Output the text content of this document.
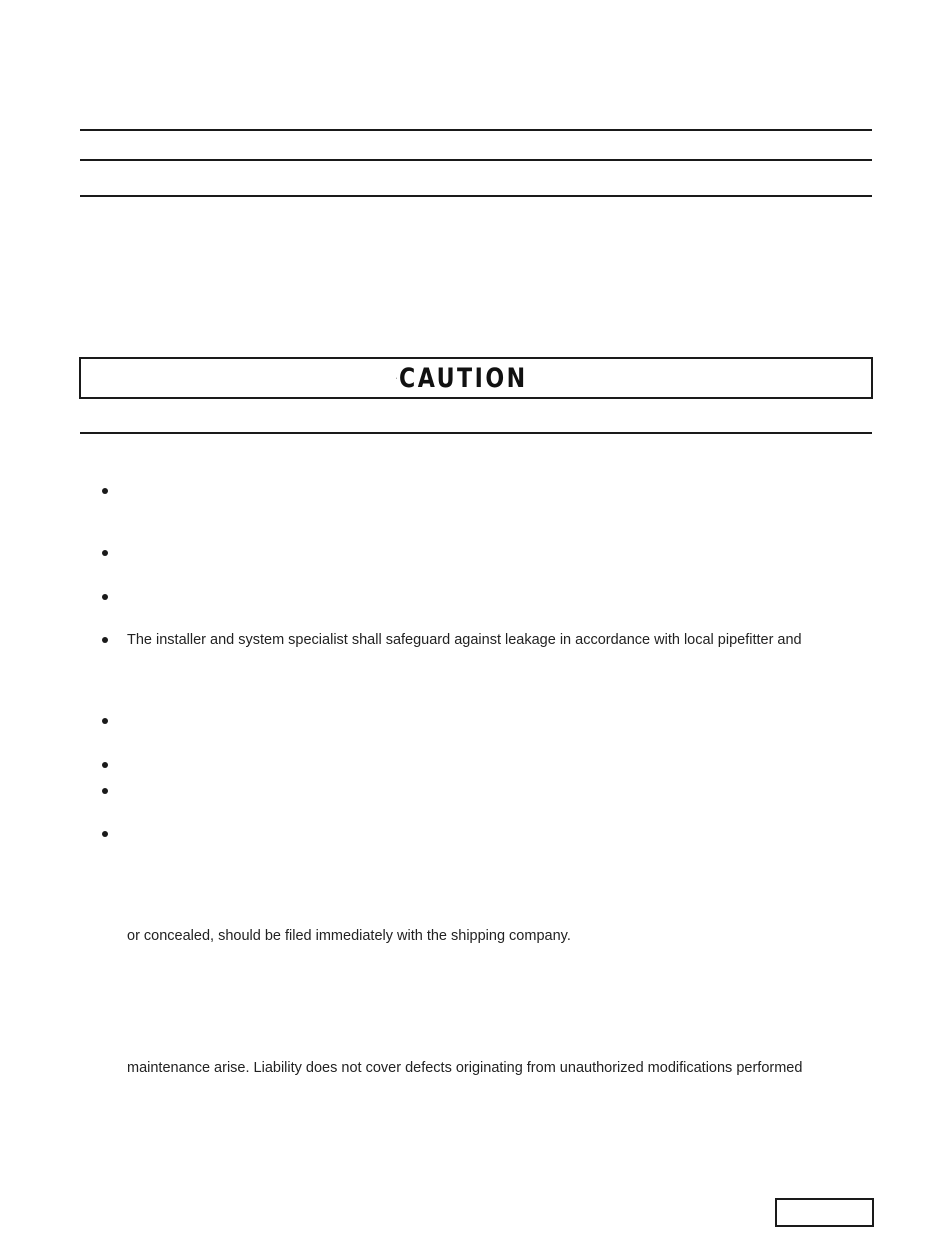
CAUTION
The installer and system specialist shall safeguard against leakage in accordance with local pipefitter and
or concealed, should be filed immediately with the shipping company.
maintenance arise. Liability does not cover defects originating from unauthorized modifications performed
